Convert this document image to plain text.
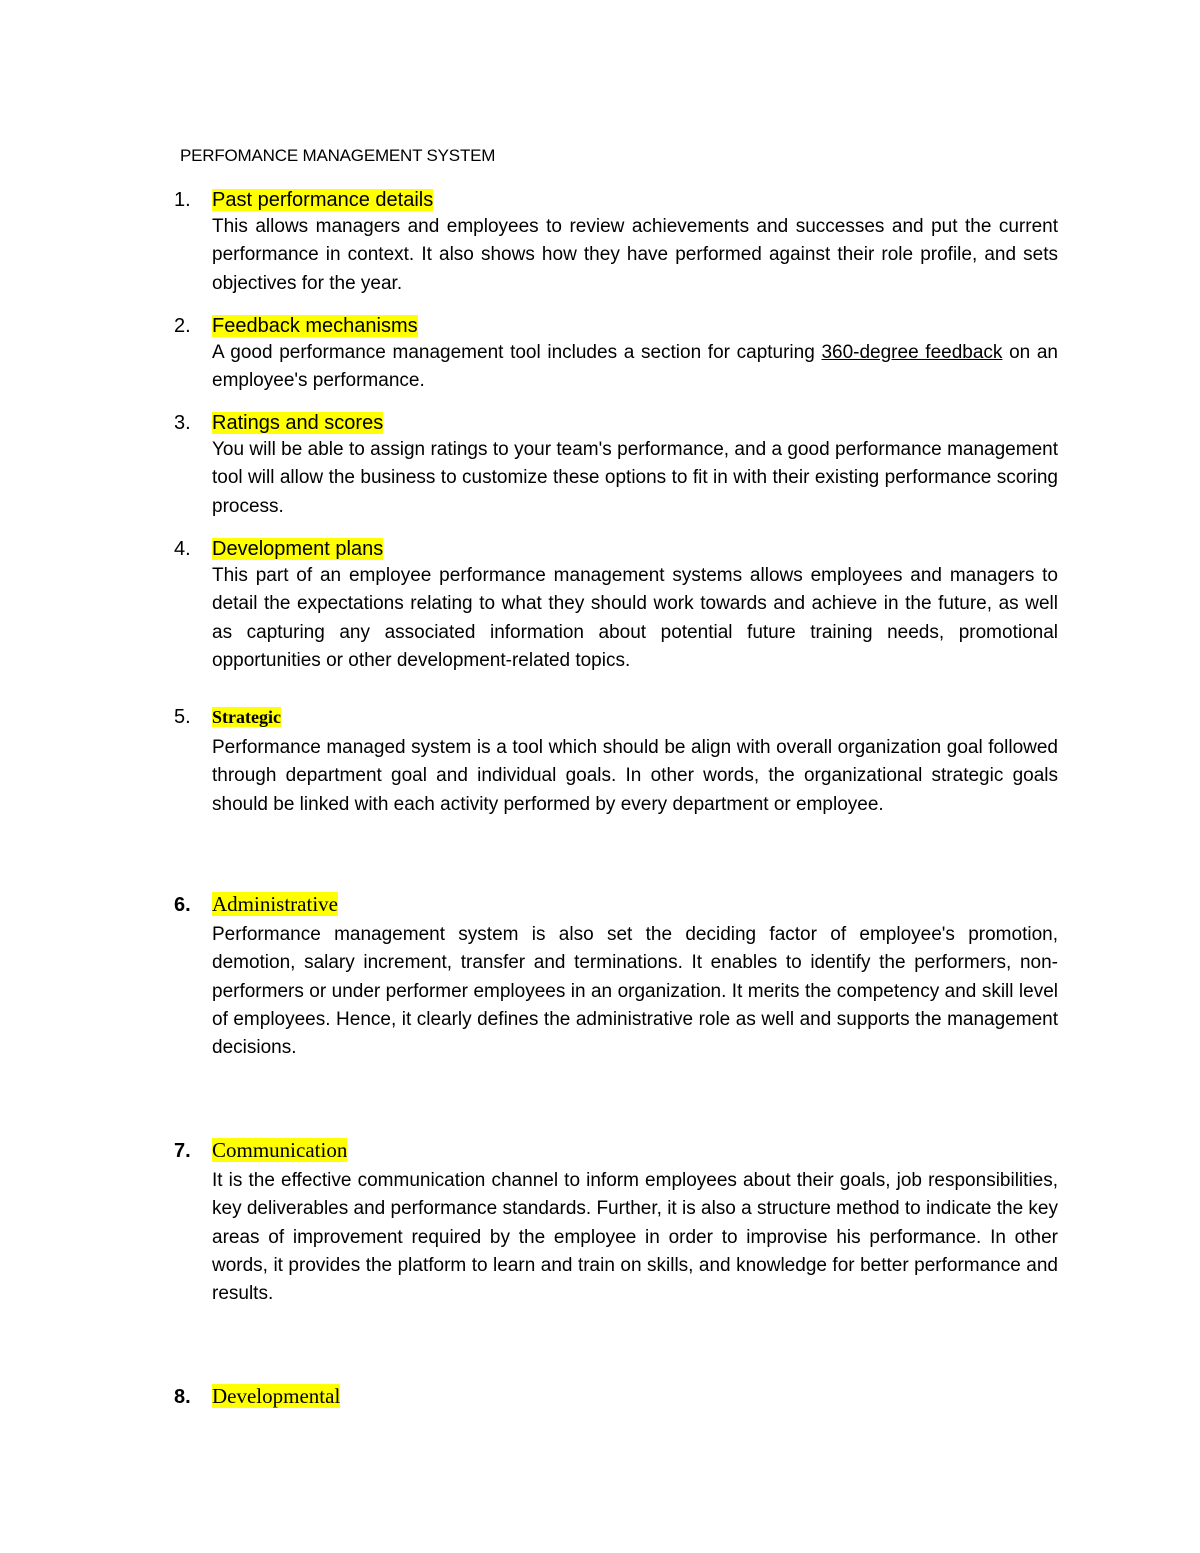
PERFOMANCE MANAGEMENT SYSTEM
1. Past performance details

This allows managers and employees to review achievements and successes and put the current performance in context. It also shows how they have performed against their role profile, and sets objectives for the year.

2. Feedback mechanisms

A good performance management tool includes a section for capturing 360-degree feedback on an employee's performance.

3. Ratings and scores

You will be able to assign ratings to your team's performance, and a good performance management tool will allow the business to customize these options to fit in with their existing performance scoring process.

4. Development plans

This part of an employee performance management systems allows employees and managers to detail the expectations relating to what they should work towards and achieve in the future, as well as capturing any associated information about potential future training needs, promotional opportunities or other development-related topics.

5. Strategic

Performance managed system is a tool which should be align with overall organization goal followed through department goal and individual goals. In other words, the organizational strategic goals should be linked with each activity performed by every department or employee.

6. Administrative

Performance management system is also set the deciding factor of employee's promotion, demotion, salary increment, transfer and terminations. It enables to identify the performers, non-performers or under performer employees in an organization. It merits the competency and skill level of employees. Hence, it clearly defines the administrative role as well and supports the management decisions.

7. Communication

It is the effective communication channel to inform employees about their goals, job responsibilities, key deliverables and performance standards. Further, it is also a structure method to indicate the key areas of improvement required by the employee in order to improvise his performance. In other words, it provides the platform to learn and train on skills, and knowledge for better performance and results.

8. Developmental
